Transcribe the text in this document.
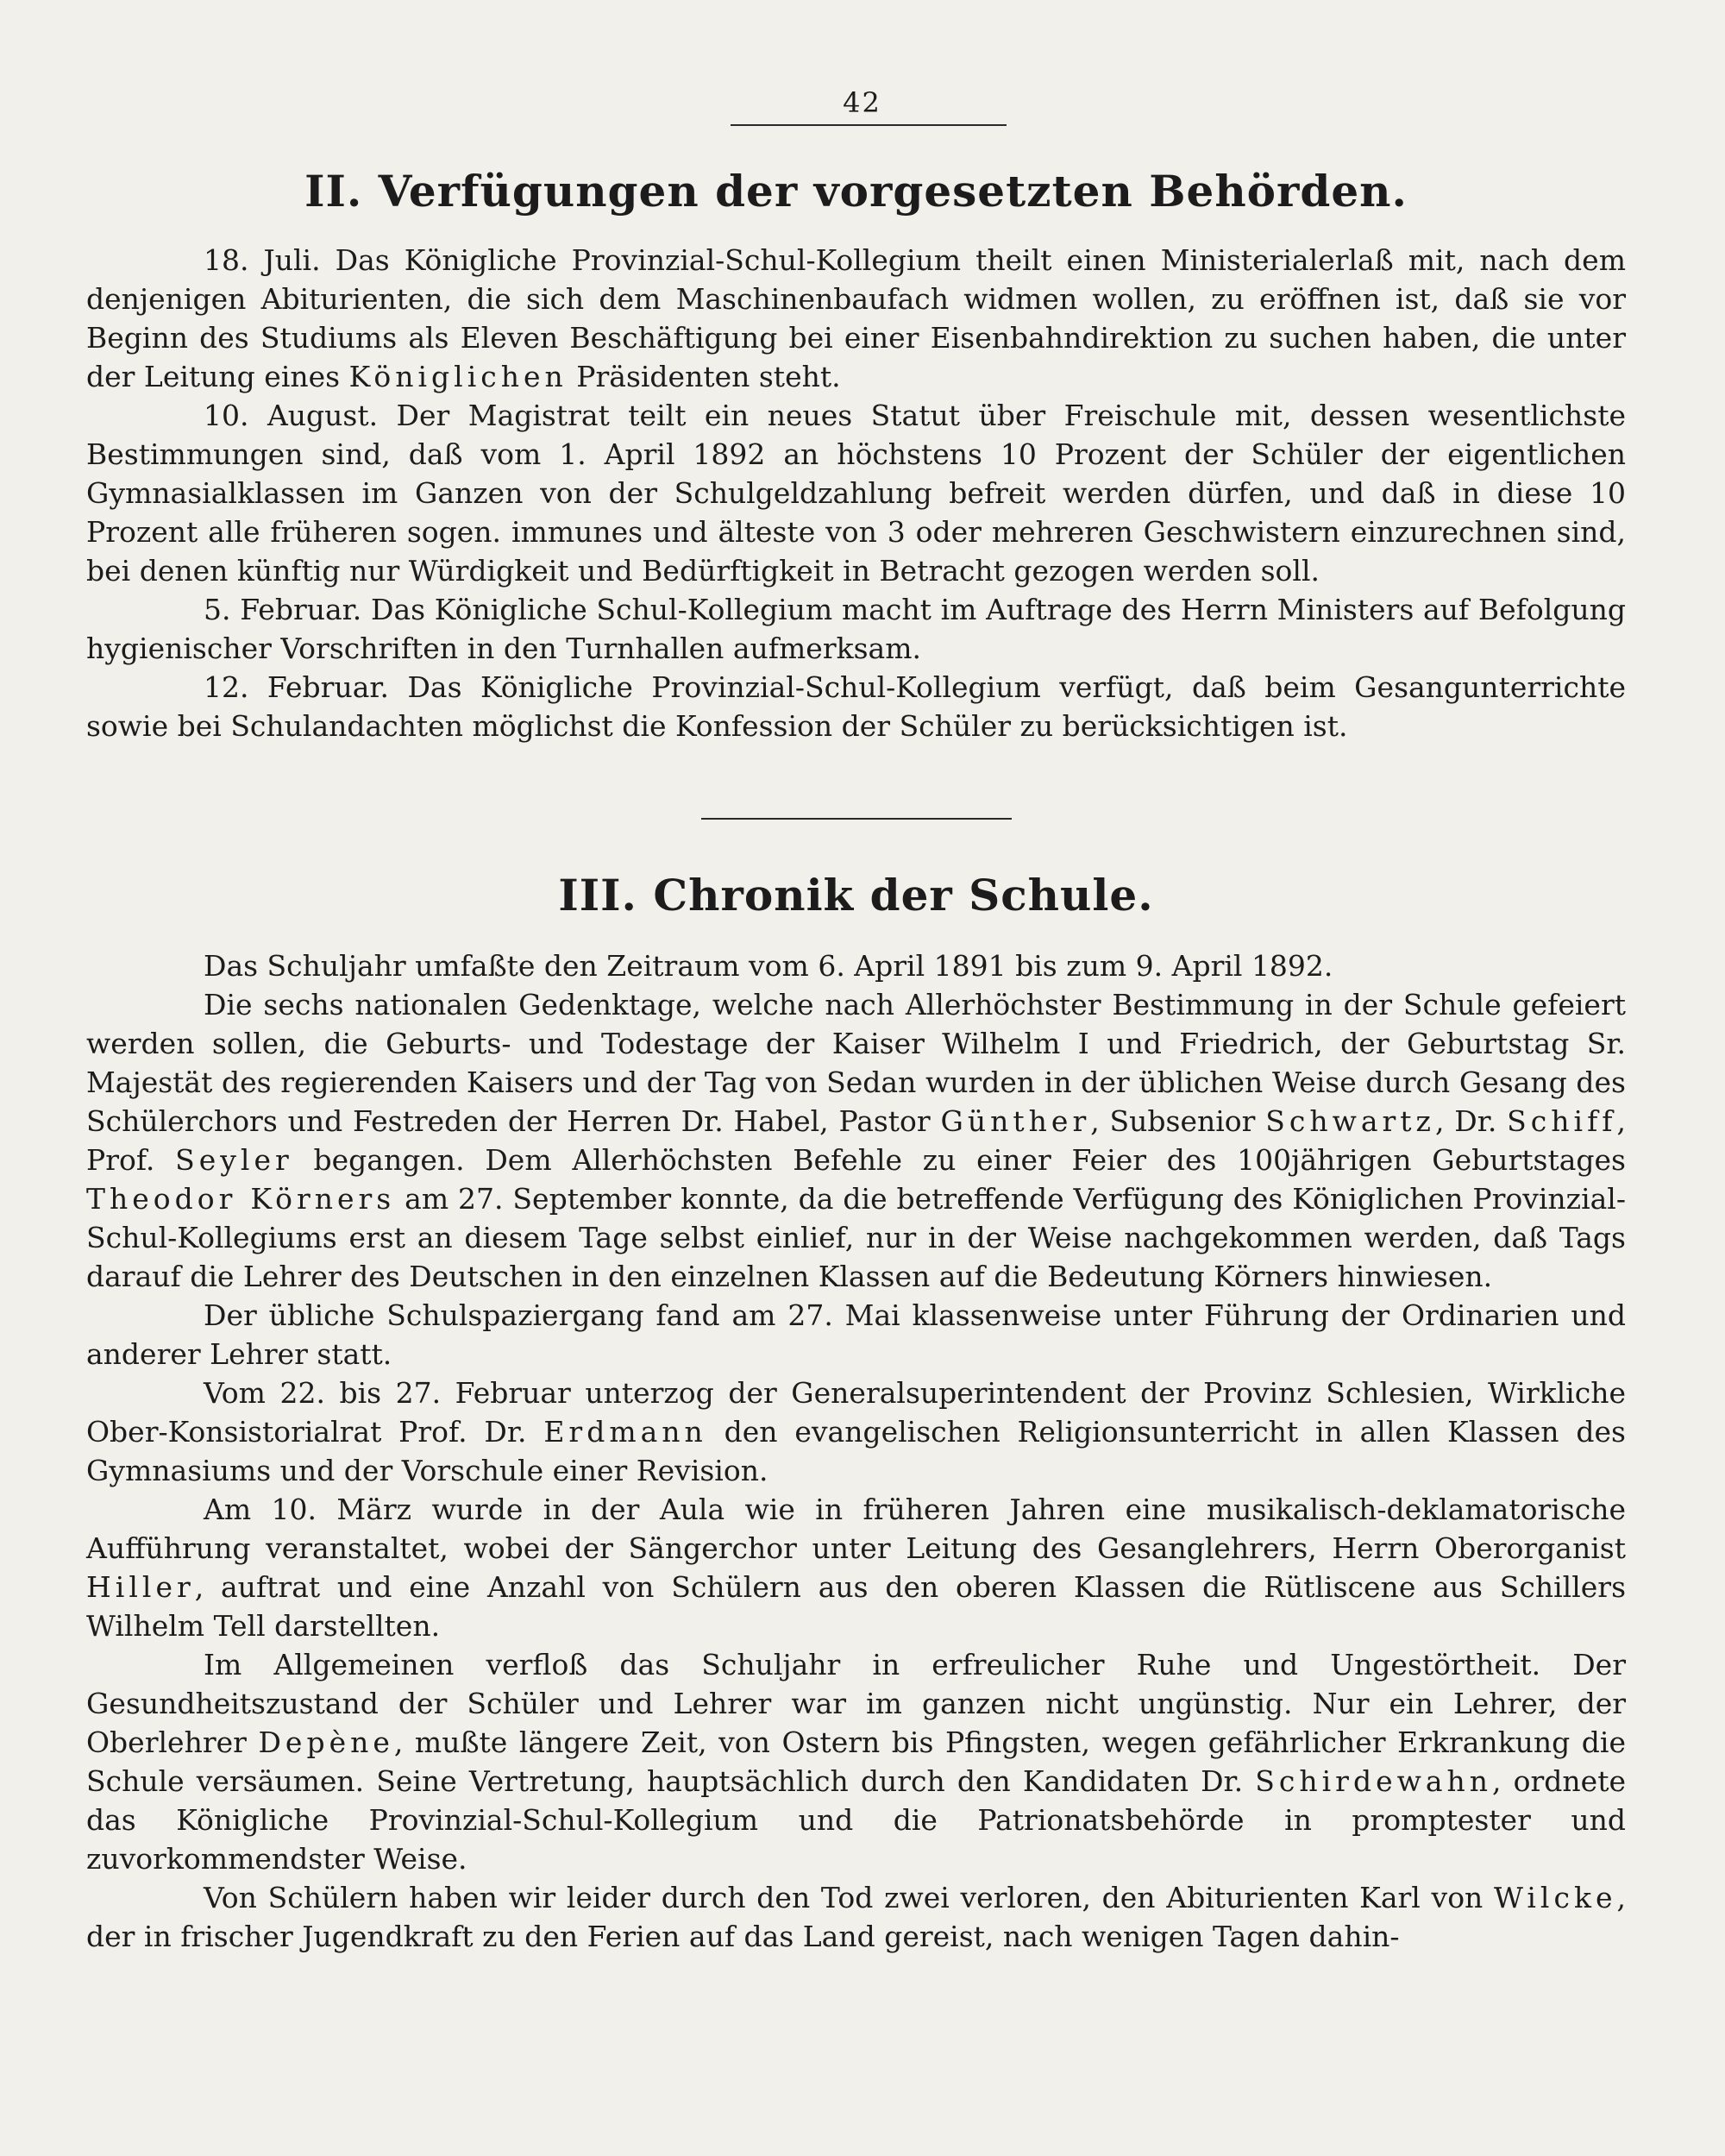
42
II. Verfügungen der vorgesetzten Behörden.

18. Juli. Das Königliche Provinzial-Schul-Kollegium theilt einen Ministerialerlaß mit, nach dem denjenigen Abiturienten, die sich dem Maschinenbaufach widmen wollen, zu eröffnen ist, daß sie vor Beginn des Studiums als Eleven Beschäftigung bei einer Eisenbahndirektion zu suchen haben, die unter der Leitung eines Königlichen Präsidenten steht.

10. August. Der Magistrat teilt ein neues Statut über Freischule mit, dessen wesentlichste Bestimmungen sind, daß vom 1. April 1892 an höchstens 10 Prozent der Schüler der eigentlichen Gymnasialklassen im Ganzen von der Schulgeldzahlung befreit werden dürfen, und daß in diese 10 Prozent alle früheren sogen. immunes und älteste von 3 oder mehreren Geschwistern einzurechnen sind, bei denen künftig nur Würdigkeit und Bedürftigkeit in Betracht gezogen werden soll.

5. Februar. Das Königliche Schul-Kollegium macht im Auftrage des Herrn Ministers auf Befolgung hygienischer Vorschriften in den Turnhallen aufmerksam.

12. Februar. Das Königliche Provinzial-Schul-Kollegium verfügt, daß beim Gesangunterrichte sowie bei Schulandachten möglichst die Konfession der Schüler zu berücksichtigen ist.

III. Chronik der Schule.

Das Schuljahr umfaßte den Zeitraum vom 6. April 1891 bis zum 9. April 1892.

Die sechs nationalen Gedenktage, welche nach Allerhöchster Bestimmung in der Schule gefeiert werden sollen, die Geburts- und Todestage der Kaiser Wilhelm I und Friedrich, der Geburtstag Sr. Majestät des regierenden Kaisers und der Tag von Sedan wurden in der üblichen Weise durch Gesang des Schülerchors und Festreden der Herren Dr. Habel, Pastor Günther, Subsenior Schwartz, Dr. Schiff, Prof. Seyler begangen. Dem Allerhöchsten Befehle zu einer Feier des 100jährigen Geburtstages Theodor Körners am 27. September konnte, da die betreffende Verfügung des Königlichen Provinzial-Schul-Kollegiums erst an diesem Tage selbst einlief, nur in der Weise nachgekommen werden, daß Tags darauf die Lehrer des Deutschen in den einzelnen Klassen auf die Bedeutung Körners hinwiesen.

Der übliche Schulspaziergang fand am 27. Mai klassenweise unter Führung der Ordinarien und anderer Lehrer statt.

Vom 22. bis 27. Februar unterzog der Generalsuperintendent der Provinz Schlesien, Wirkliche Ober-Konsistorialrat Prof. Dr. Erdmann den evangelischen Religionsunterricht in allen Klassen des Gymnasiums und der Vorschule einer Revision.

Am 10. März wurde in der Aula wie in früheren Jahren eine musikalisch-deklamatorische Aufführung veranstaltet, wobei der Sängerchor unter Leitung des Gesanglehrers, Herrn Oberorganist Hiller, auftrat und eine Anzahl von Schülern aus den oberen Klassen die Rütliscene aus Schillers Wilhelm Tell darstellten.

Im Allgemeinen verfloß das Schuljahr in erfreulicher Ruhe und Ungestörtheit. Der Gesundheitszustand der Schüler und Lehrer war im ganzen nicht ungünstig. Nur ein Lehrer, der Oberlehrer Depène, mußte längere Zeit, von Ostern bis Pfingsten, wegen gefährlicher Erkrankung die Schule versäumen. Seine Vertretung, hauptsächlich durch den Kandidaten Dr. Schirdewahn, ordnete das Königliche Provinzial-Schul-Kollegium und die Patrionatsbehörde in promptester und zuvorkommendster Weise.

Von Schülern haben wir leider durch den Tod zwei verloren, den Abiturienten Karl von Wilcke, der in frischer Jugendkraft zu den Ferien auf das Land gereist, nach wenigen Tagen dahin-
